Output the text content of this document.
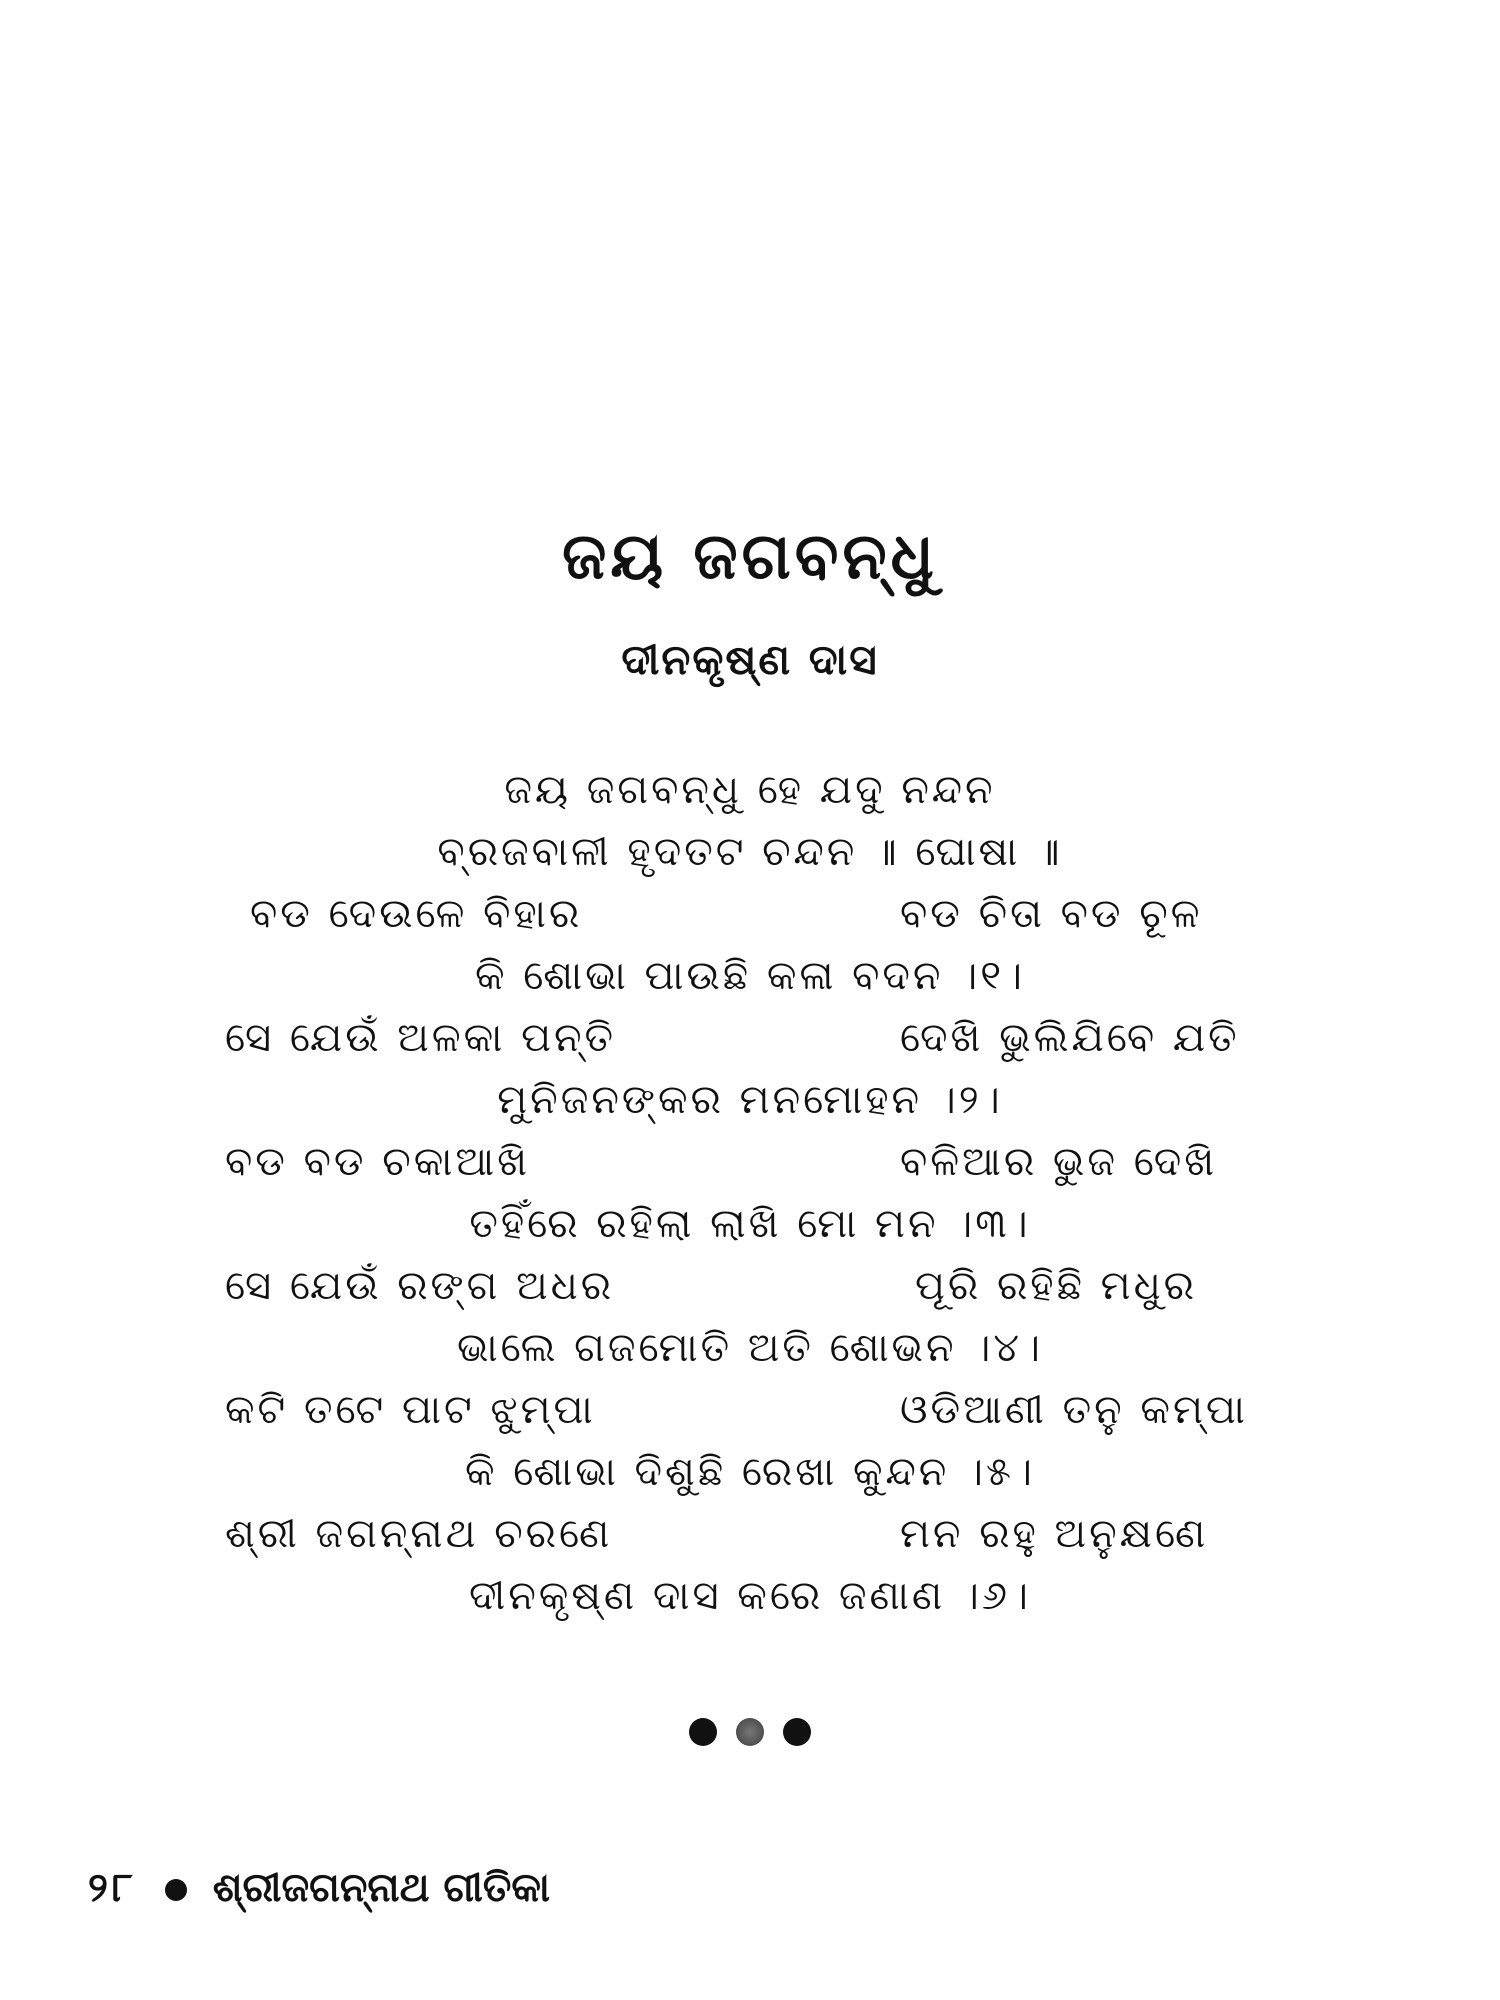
ଜୟ ଜଗବନ୍ଧୁ
ଦୀନକୃଷ୍ଣ ଦାସ
ଜୟ ଜଗବନ୍ଧୁ ହେ ଯଦୁ ନନ୍ଦନ
ବ୍ରଜବାଳୀ ହୃଦତଟ ଚନ୍ଦନ ॥ ଘୋଷା ॥
ବଡ ଦେଉଳେ ବିହାର	ବଡ ଚିତା ବଡ ଚୂଳ
କି ଶୋଭା ପାଉଛି କଳା ବଦନ ।୧।
ସେ ଯେଉଁ ଅଳକା ପନ୍ତି	ଦେଖି ଭୁଲିଯିବେ ଯତି
ମୁନିଜନଙ୍କର ମନମୋହନ ।୨।
ବଡ ବଡ ଚକାଆଖି	ବଳିଆର ଭୁଜ ଦେଖି
ତହିଁରେ ରହିଲା ଲାଖି ମୋ ମନ ।୩।
ସେ ଯେଉଁ ରଙ୍ଗ ଅଧର	ପୂରି ରହିଛି ମଧୁର
ଭାଲେ ଗଜମୋତି ଅତି ଶୋଭନ ।୪।
କଟି ତଟେ ପାଟ ଝୁମ୍ପା	ଓଡିଆଣୀ ତନୁ କମ୍ପା
କି ଶୋଭା ଦିଶୁଛି ରେଖା କୁନ୍ଦନ ।୫।
ଶ୍ରୀ ଜଗନ୍ନାଥ ଚରଣେ	ମନ ରହୁ ଅନୁକ୍ଷଣେ
ଦୀନକୃଷ୍ଣ ଦାସ କରେ ଜଣାଣ ।୬।

୨୮ ଶ୍ରୀଜଗନ୍ନାଥ ଗୀତିକା
